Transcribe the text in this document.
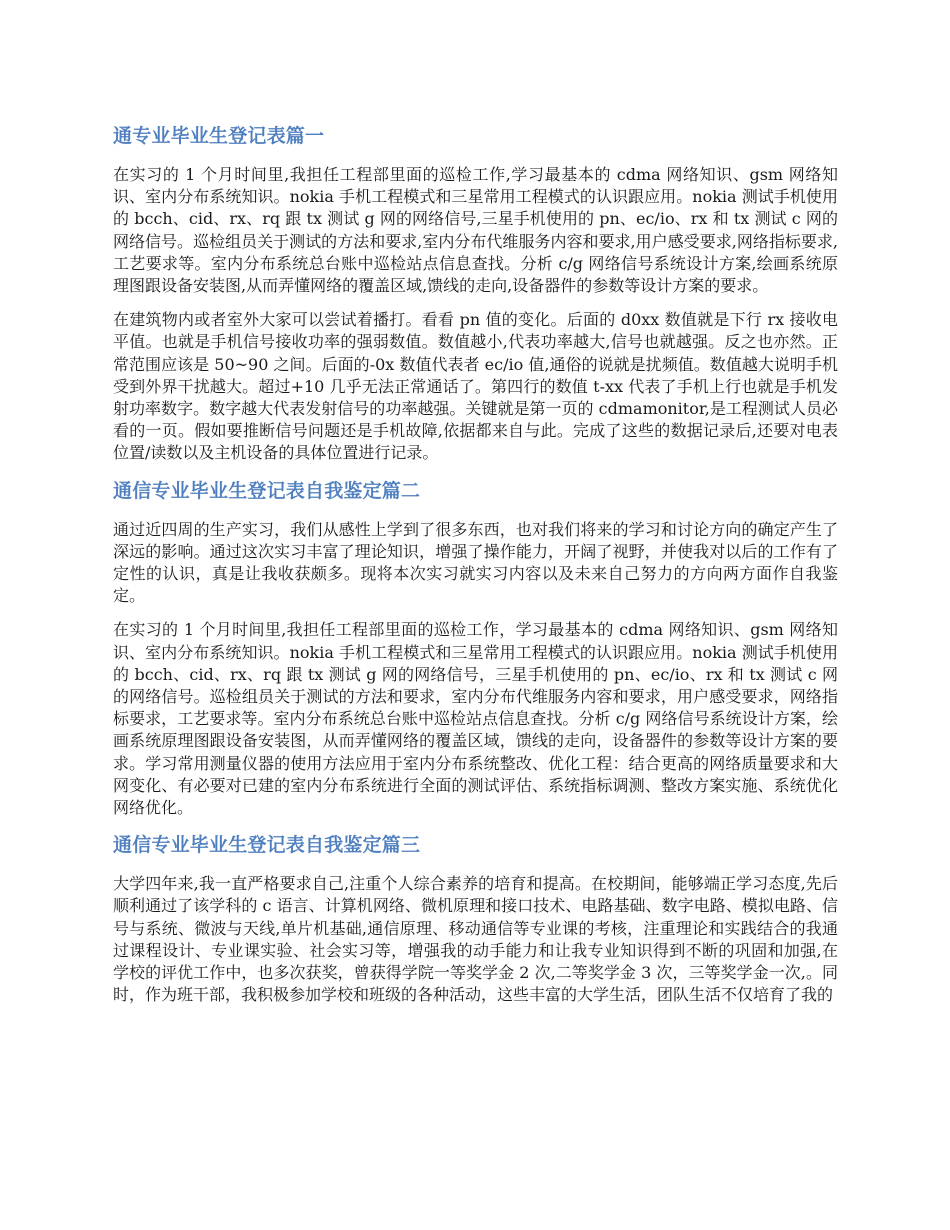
通专业毕业生登记表篇一

在实习的 1 个月时间里,我担任工程部里面的巡检工作,学习最基本的 cdma 网络知识、gsm 网络知识、室内分布系统知识。nokia 手机工程模式和三星常用工程模式的认识跟应用。nokia 测试手机使用的 bcch、cid、rx、rq 跟 tx 测试 g 网的网络信号,三星手机使用的 pn、ec/io、rx 和 tx 测试 c 网的网络信号。巡检组员关于测试的方法和要求,室内分布代维服务内容和要求,用户感受要求,网络指标要求,工艺要求等。室内分布系统总台账中巡检站点信息查找。分析 c/g 网络信号系统设计方案,绘画系统原理图跟设备安装图,从而弄懂网络的覆盖区域,馈线的走向,设备器件的参数等设计方案的要求。

在建筑物内或者室外大家可以尝试着播打。看看 pn 值的变化。后面的 d0xx 数值就是下行 rx 接收电平值。也就是手机信号接收功率的强弱数值。数值越小,代表功率越大,信号也就越强。反之也亦然。正常范围应该是 50~90 之间。后面的-0x 数值代表者 ec/io 值,通俗的说就是扰频值。数值越大说明手机受到外界干扰越大。超过+10 几乎无法正常通话了。第四行的数值 t-xx 代表了手机上行也就是手机发射功率数字。数字越大代表发射信号的功率越强。关键就是第一页的 cdmamonitor,是工程测试人员必看的一页。假如要推断信号问题还是手机故障,依据都来自与此。完成了这些的数据记录后,还要对电表位置/读数以及主机设备的具体位置进行记录。

通信专业毕业生登记表自我鉴定篇二

通过近四周的生产实习，我们从感性上学到了很多东西，也对我们将来的学习和讨论方向的确定产生了深远的影响。通过这次实习丰富了理论知识，增强了操作能力，开阔了视野，并使我对以后的工作有了定性的认识，真是让我收获颇多。现将本次实习就实习内容以及未来自己努力的方向两方面作自我鉴定。

在实习的 1 个月时间里,我担任工程部里面的巡检工作，学习最基本的 cdma 网络知识、gsm 网络知识、室内分布系统知识。nokia 手机工程模式和三星常用工程模式的认识跟应用。nokia 测试手机使用的 bcch、cid、rx、rq 跟 tx 测试 g 网的网络信号，三星手机使用的 pn、ec/io、rx 和 tx 测试 c 网的网络信号。巡检组员关于测试的方法和要求，室内分布代维服务内容和要求，用户感受要求，网络指标要求，工艺要求等。室内分布系统总台账中巡检站点信息查找。分析 c/g 网络信号系统设计方案，绘画系统原理图跟设备安装图，从而弄懂网络的覆盖区域，馈线的走向，设备器件的参数等设计方案的要求。学习常用测量仪器的使用方法应用于室内分布系统整改、优化工程：结合更高的网络质量要求和大网变化、有必要对已建的室内分布系统进行全面的测试评估、系统指标调测、整改方案实施、系统优化网络优化。

通信专业毕业生登记表自我鉴定篇三

大学四年来,我一直严格要求自己,注重个人综合素养的培育和提高。在校期间，能够端正学习态度,先后顺利通过了该学科的 c 语言、计算机网络、微机原理和接口技术、电路基础、数字电路、模拟电路、信号与系统、微波与天线,单片机基础,通信原理、移动通信等专业课的考核，注重理论和实践结合的我通过课程设计、专业课实验、社会实习等，增强我的动手能力和让我专业知识得到不断的巩固和加强,在学校的评优工作中，也多次获奖，曾获得学院一等奖学金 2 次,二等奖学金 3 次，三等奖学金一次,。同时，作为班干部，我积极参加学校和班级的各种活动，这些丰富的大学生活，团队生活不仅培育了我的
